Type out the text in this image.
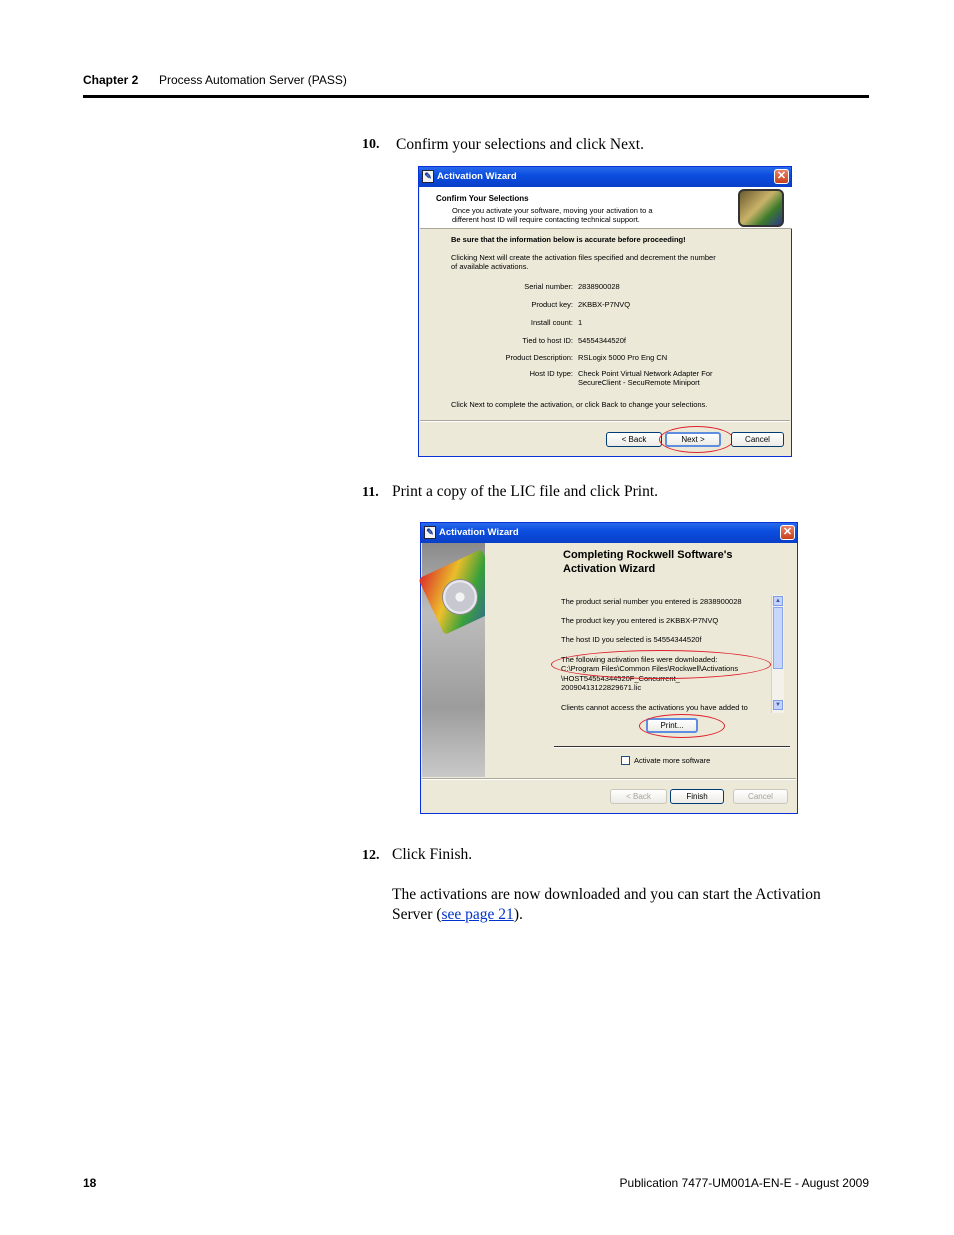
Chapter 2 Process Automation Server (PASS)
10. Confirm your selections and click Next.
✎ Activation Wizard	✕
Confirm Your Selections
Once you activate your software, moving your activation to a
different host ID will require contacting technical support.
Be sure that the information below is accurate before proceeding!
Clicking Next will create the activation files specified and decrement the number
of available activations.
Serial number: 2838900028
Product key: 2KBBX-P7NVQ
Install count: 1
Tied to host ID: 54554344520f
Product Description: RSLogix 5000 Pro Eng CN
Host ID type: Check Point Virtual Network Adapter For
SecureClient - SecuRemote Miniport
Click Next to complete the activation, or click Back to change your selections.
< Back	Next >	Cancel
11. Print a copy of the LIC file and click Print.
✎ Activation Wizard	✕
Completing Rockwell Software's
Activation Wizard
The product serial number you entered is 2838900028
The product key you entered is 2KBBX-P7NVQ
The host ID you selected is 54554344520f
The following activation files were downloaded:
C:\Program Files\Common Files\Rockwell\Activations
\HOST54554344520F_Concurrent_
20090413122829671.lic
Clients cannot access the activations you have added to
▲
▼
Print...
Activate more software
< Back	Finish	Cancel
12. Click Finish.
The activations are now downloaded and you can start the Activation Server (see page 21).
18	Publication 7477-UM001A-EN-E - August 2009
